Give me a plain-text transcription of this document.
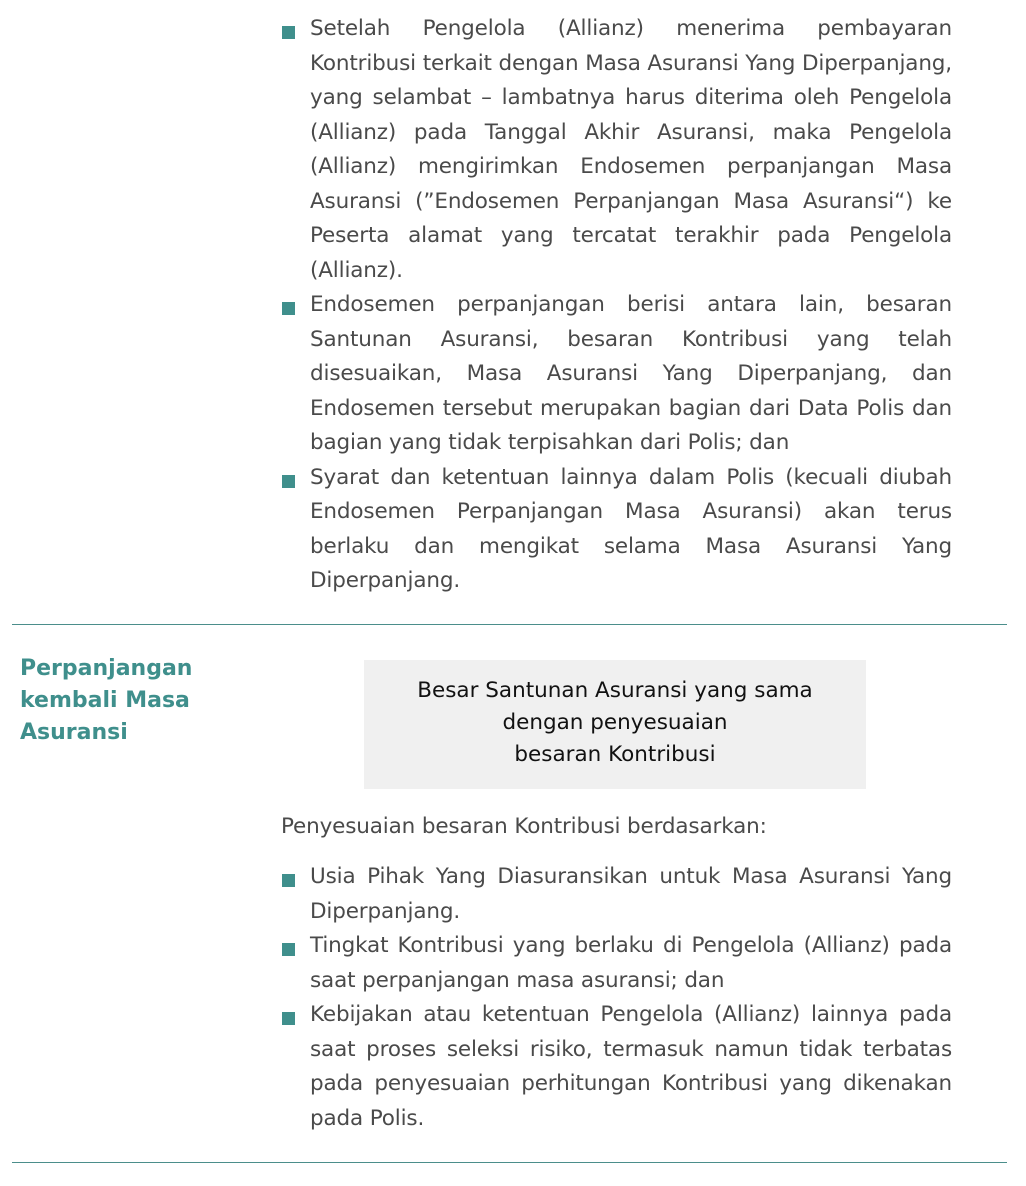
Setelah Pengelola (Allianz) menerima pembayaran Kontribusi terkait dengan Masa Asuransi Yang Diperpanjang, yang selambat – lambatnya harus diterima oleh Pengelola (Allianz) pada Tanggal Akhir Asuransi, maka Pengelola (Allianz) mengirimkan Endosemen perpanjangan Masa Asuransi (”Endosemen Perpanjangan Masa Asuransi“) ke Peserta alamat yang tercatat terakhir pada Pengelola (Allianz).
Endosemen perpanjangan berisi antara lain, besaran Santunan Asuransi, besaran Kontribusi yang telah disesuaikan, Masa Asuransi Yang Diperpanjang, dan Endosemen tersebut merupakan bagian dari Data Polis dan bagian yang tidak terpisahkan dari Polis; dan
Syarat dan ketentuan lainnya dalam Polis (kecuali diubah Endosemen Perpanjangan Masa Asuransi) akan terus berlaku dan mengikat selama Masa Asuransi Yang Diperpanjang.
Perpanjangan
kembali Masa
Asuransi
Besar Santunan Asuransi yang sama
dengan penyesuaian
besaran Kontribusi
Penyesuaian besaran Kontribusi berdasarkan:
Usia Pihak Yang Diasuransikan untuk Masa Asuransi Yang Diperpanjang.
Tingkat Kontribusi yang berlaku di Pengelola (Allianz) pada saat perpanjangan masa asuransi; dan
Kebijakan atau ketentuan Pengelola (Allianz) lainnya pada saat proses seleksi risiko, termasuk namun tidak terbatas pada penyesuaian perhitungan Kontribusi yang dikenakan pada Polis.
